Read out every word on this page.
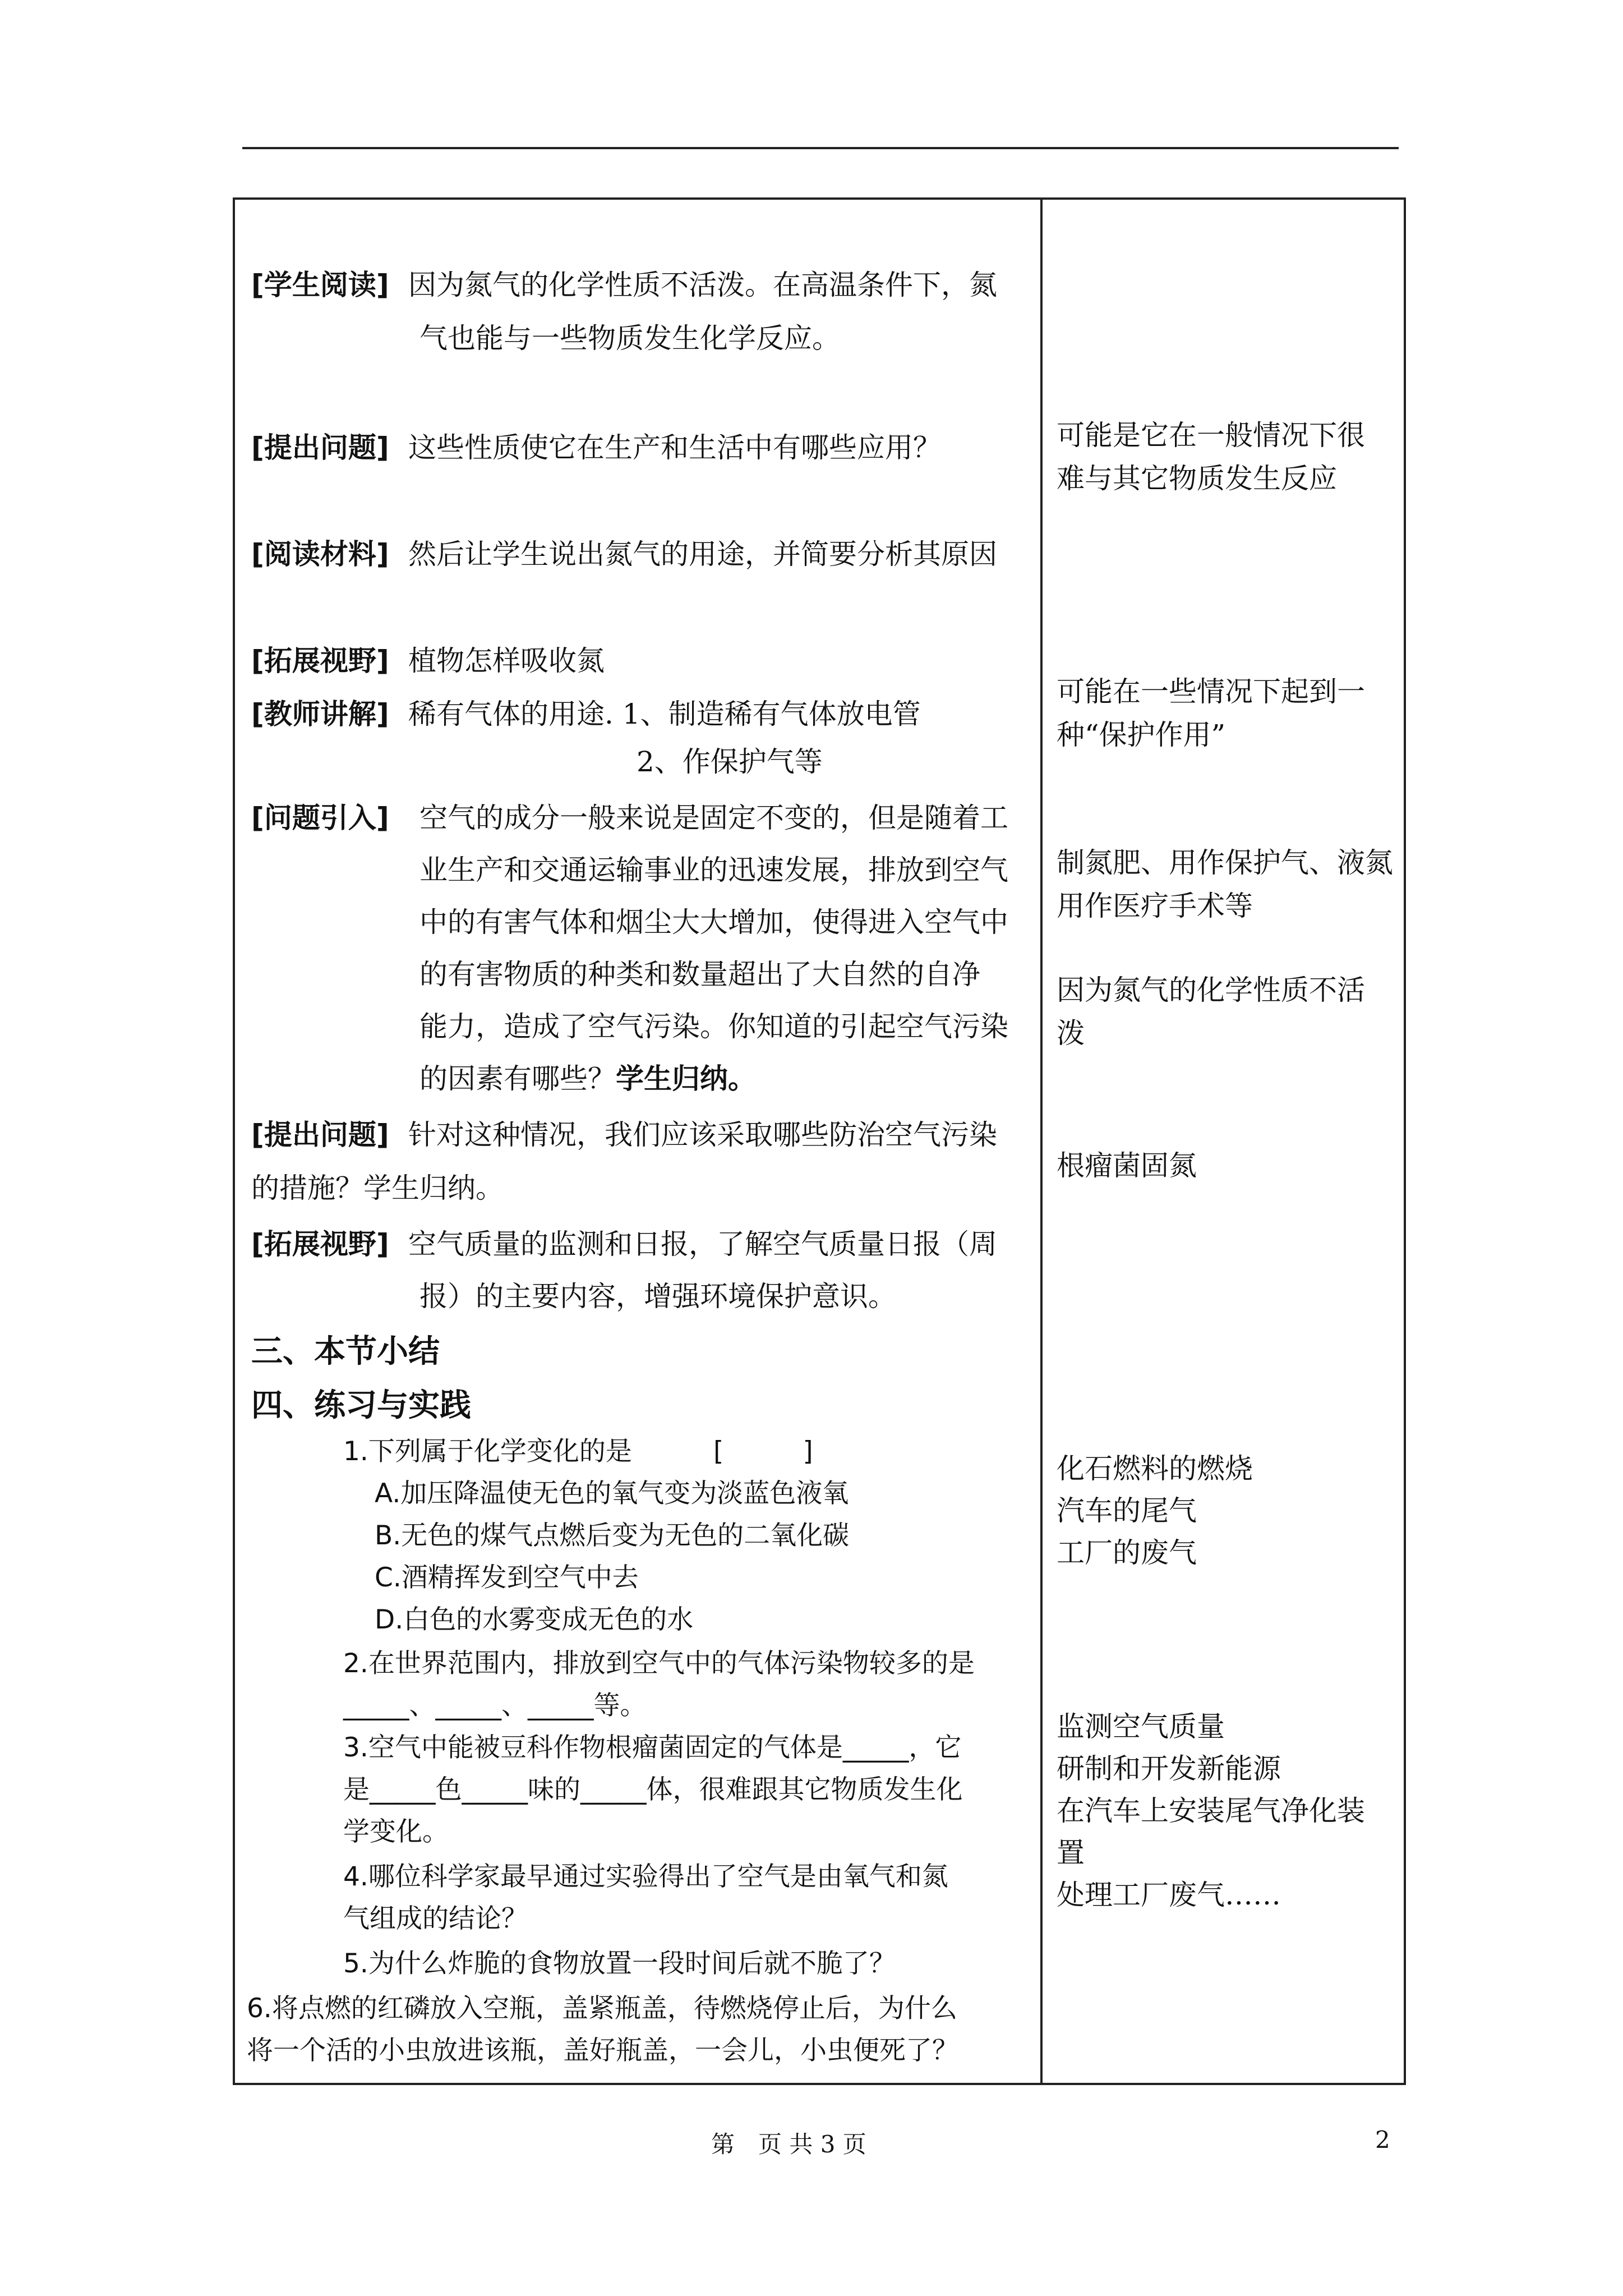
[学生阅读] 因为氮气的化学性质不活泼。在高温条件下，氮
气也能与一些物质发生化学反应。
[提出问题] 这些性质使它在生产和生活中有哪些应用？
[阅读材料] 然后让学生说出氮气的用途，并简要分析其原因
[拓展视野] 植物怎样吸收氮
[教师讲解] 稀有气体的用途. 1、制造稀有气体放电管
2、作保护气等
[问题引入] 空气的成分一般来说是固定不变的，但是随着工
业生产和交通运输事业的迅速发展，排放到空气
中的有害气体和烟尘大大增加，使得进入空气中
的有害物质的种类和数量超出了大自然的自净
能力，造成了空气污染。你知道的引起空气污染
的因素有哪些？学生归纳。
[提出问题] 针对这种情况，我们应该采取哪些防治空气污染
的措施？学生归纳。
[拓展视野] 空气质量的监测和日报，了解空气质量日报（周
报）的主要内容，增强环境保护意识。
三、本节小结
四、练习与实践
1.下列属于化学变化的是	[　　　]
A.加压降温使无色的氧气变为淡蓝色液氧
B.无色的煤气点燃后变为无色的二氧化碳
C.酒精挥发到空气中去
D.白色的水雾变成无色的水
2.在世界范围内，排放到空气中的气体污染物较多的是
_____、_____、_____等。
3.空气中能被豆科作物根瘤菌固定的气体是_____，它
是_____色_____味的_____体，很难跟其它物质发生化
学变化。
4.哪位科学家最早通过实验得出了空气是由氧气和氮
气组成的结论？
5.为什么炸脆的食物放置一段时间后就不脆了？
6.将点燃的红磷放入空瓶，盖紧瓶盖，待燃烧停止后，为什么
将一个活的小虫放进该瓶，盖好瓶盖，一会儿，小虫便死了？
可能是它在一般情况下很
难与其它物质发生反应
可能在一些情况下起到一
种“保护作用”
制氮肥、用作保护气、液氮
用作医疗手术等
因为氮气的化学性质不活
泼
根瘤菌固氮
化石燃料的燃烧
汽车的尾气
工厂的废气
监测空气质量
研制和开发新能源
在汽车上安装尾气净化装
置
处理工厂废气……
第　页 共 3 页	2
